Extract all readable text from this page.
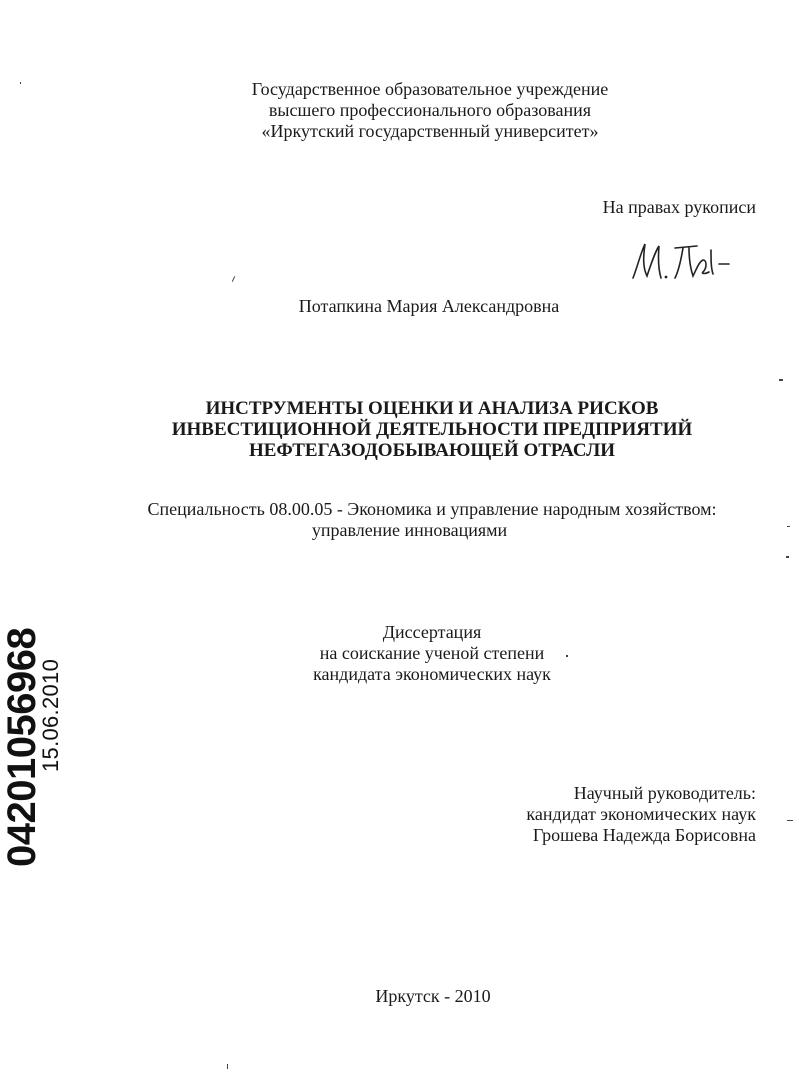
Государственное образовательное учреждение
высшего профессионального образования
«Иркутский государственный университет»
На правах рукописи
Потапкина Мария Александровна
ИНСТРУМЕНТЫ ОЦЕНКИ И АНАЛИЗА РИСКОВ
ИНВЕСТИЦИОННОЙ ДЕЯТЕЛЬНОСТИ ПРЕДПРИЯТИЙ
НЕФТЕГАЗОДОБЫВАЮЩЕЙ ОТРАСЛИ
Специальность 08.00.05 - Экономика и управление народным хозяйством:
управление инновациями
Диссертация
на соискание ученой степени
кандидата экономических наук
Научный руководитель:
кандидат экономических наук
Грошева Надежда Борисовна
Иркутск - 2010
04201056968
15.06.2010
